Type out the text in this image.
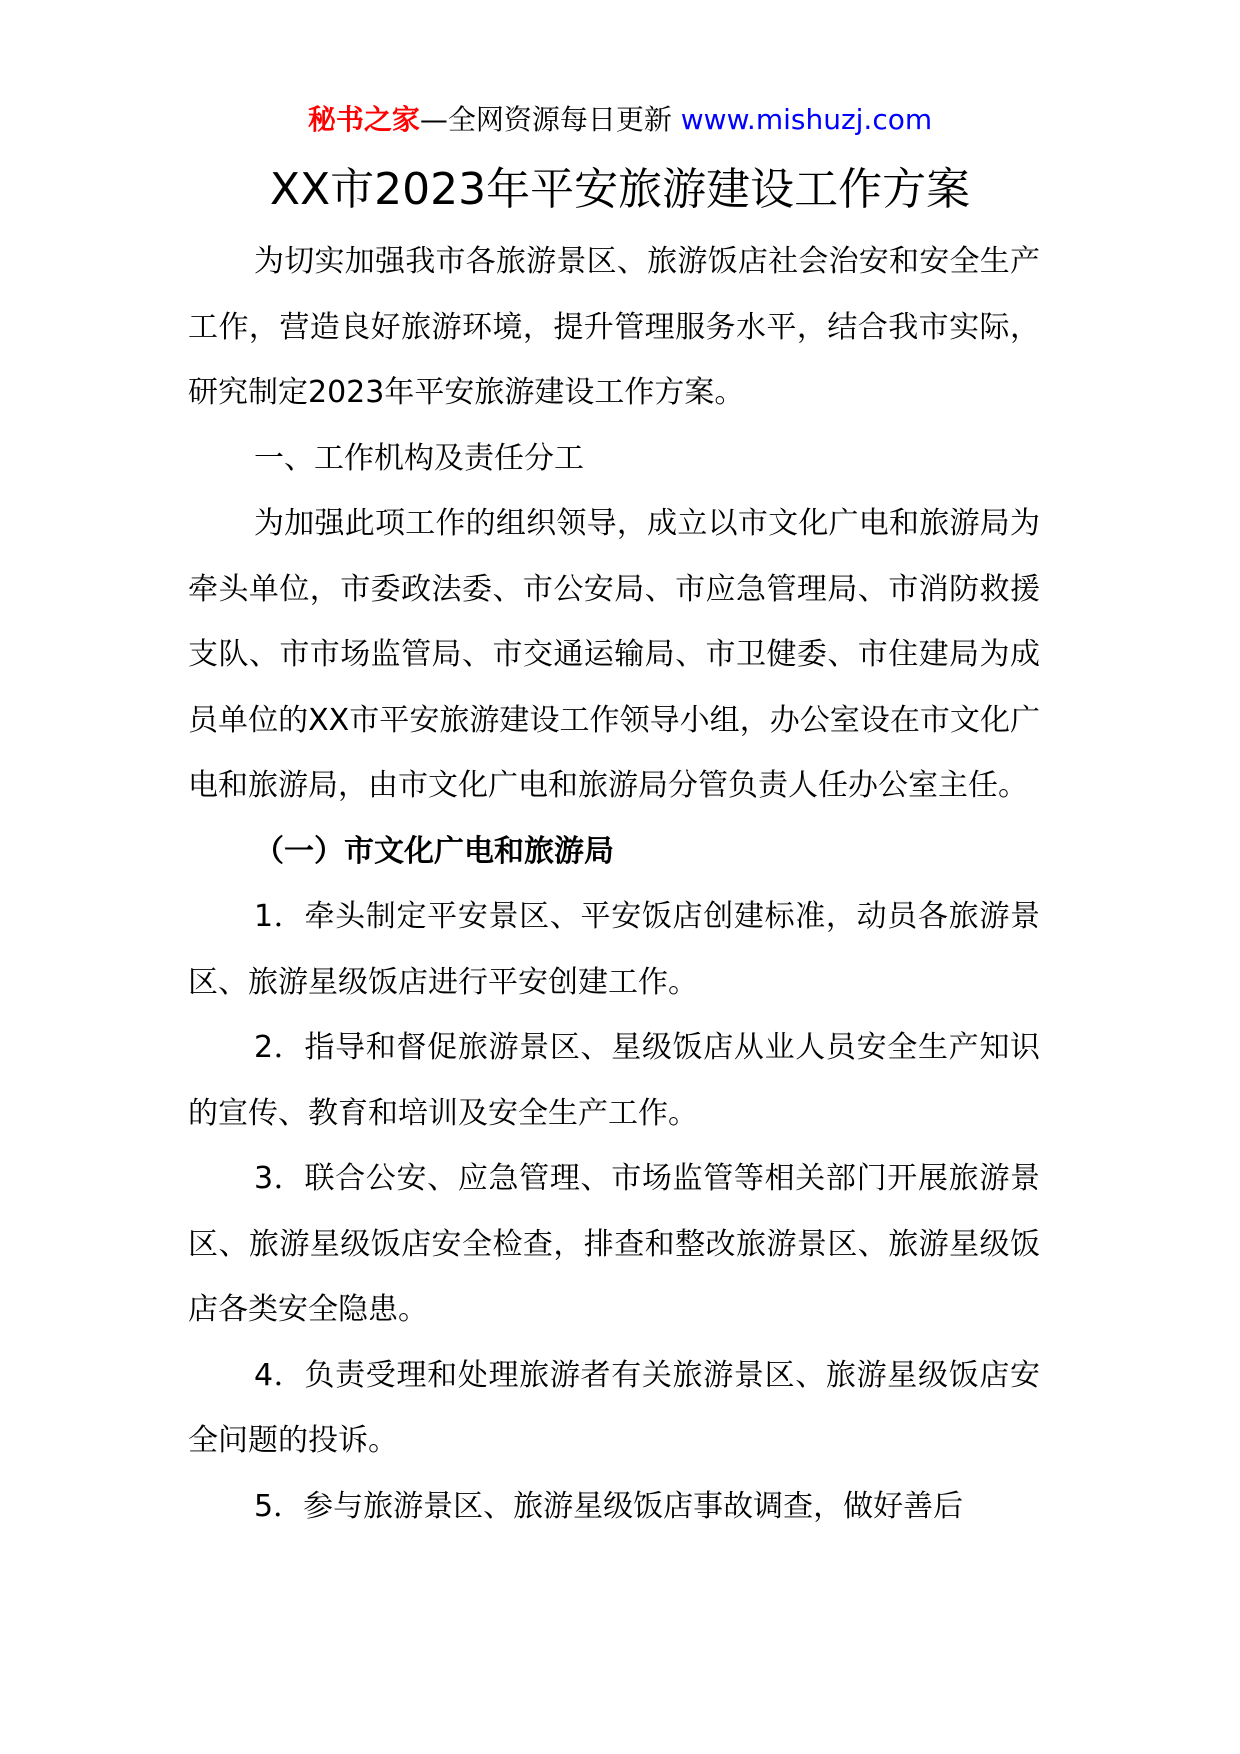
秘书之家—全网资源每日更新 www.mishuzj.com
XX市2023年平安旅游建设工作方案

为切实加强我市各旅游景区、旅游饭店社会治安和安全生产工作，营造良好旅游环境，提升管理服务水平，结合我市实际，研究制定2023年平安旅游建设工作方案。

一、工作机构及责任分工

为加强此项工作的组织领导，成立以市文化广电和旅游局为牵头单位，市委政法委、市公安局、市应急管理局、市消防救援支队、市市场监管局、市交通运输局、市卫健委、市住建局为成员单位的XX市平安旅游建设工作领导小组，办公室设在市文化广电和旅游局，由市文化广电和旅游局分管负责人任办公室主任。

（一）市文化广电和旅游局

1．牵头制定平安景区、平安饭店创建标准，动员各旅游景区、旅游星级饭店进行平安创建工作。

2．指导和督促旅游景区、星级饭店从业人员安全生产知识的宣传、教育和培训及安全生产工作。

3．联合公安、应急管理、市场监管等相关部门开展旅游景区、旅游星级饭店安全检查，排查和整改旅游景区、旅游星级饭店各类安全隐患。

4．负责受理和处理旅游者有关旅游景区、旅游星级饭店安全问题的投诉。

5．参与旅游景区、旅游星级饭店事故调查，做好善后
